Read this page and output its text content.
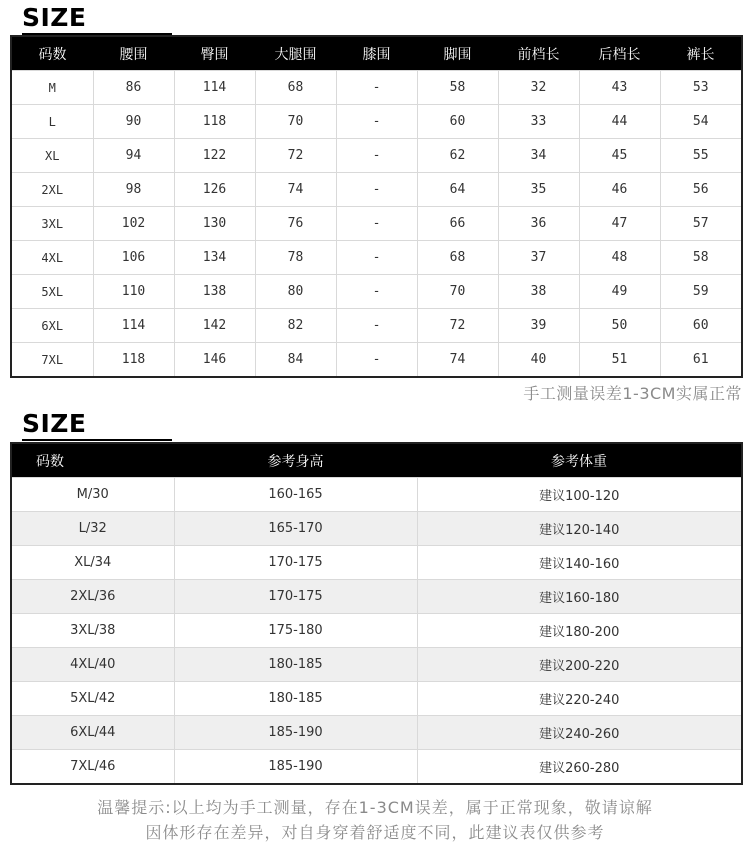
SIZE
码数	腰围	臀围	大腿围	膝围	脚围	前档长	后档长	裤长
M	86	114	68	-	58	32	43	53
L	90	118	70	-	60	33	44	54
XL	94	122	72	-	62	34	45	55
2XL	98	126	74	-	64	35	46	56
3XL	102	130	76	-	66	36	47	57
4XL	106	134	78	-	68	37	48	58
5XL	110	138	80	-	70	38	49	59
6XL	114	142	82	-	72	39	50	60
7XL	118	146	84	-	74	40	51	61
手工测量误差1-3CM实属正常
SIZE
码数	参考身高	参考体重
M/30	160-165	建议100-120
L/32	165-170	建议120-140
XL/34	170-175	建议140-160
2XL/36	170-175	建议160-180
3XL/38	175-180	建议180-200
4XL/40	180-185	建议200-220
5XL/42	180-185	建议220-240
6XL/44	185-190	建议240-260
7XL/46	185-190	建议260-280
温馨提示:以上均为手工测量，存在1-3CM误差，属于正常现象，敬请谅解
因体形存在差异，对自身穿着舒适度不同，此建议表仅供参考
